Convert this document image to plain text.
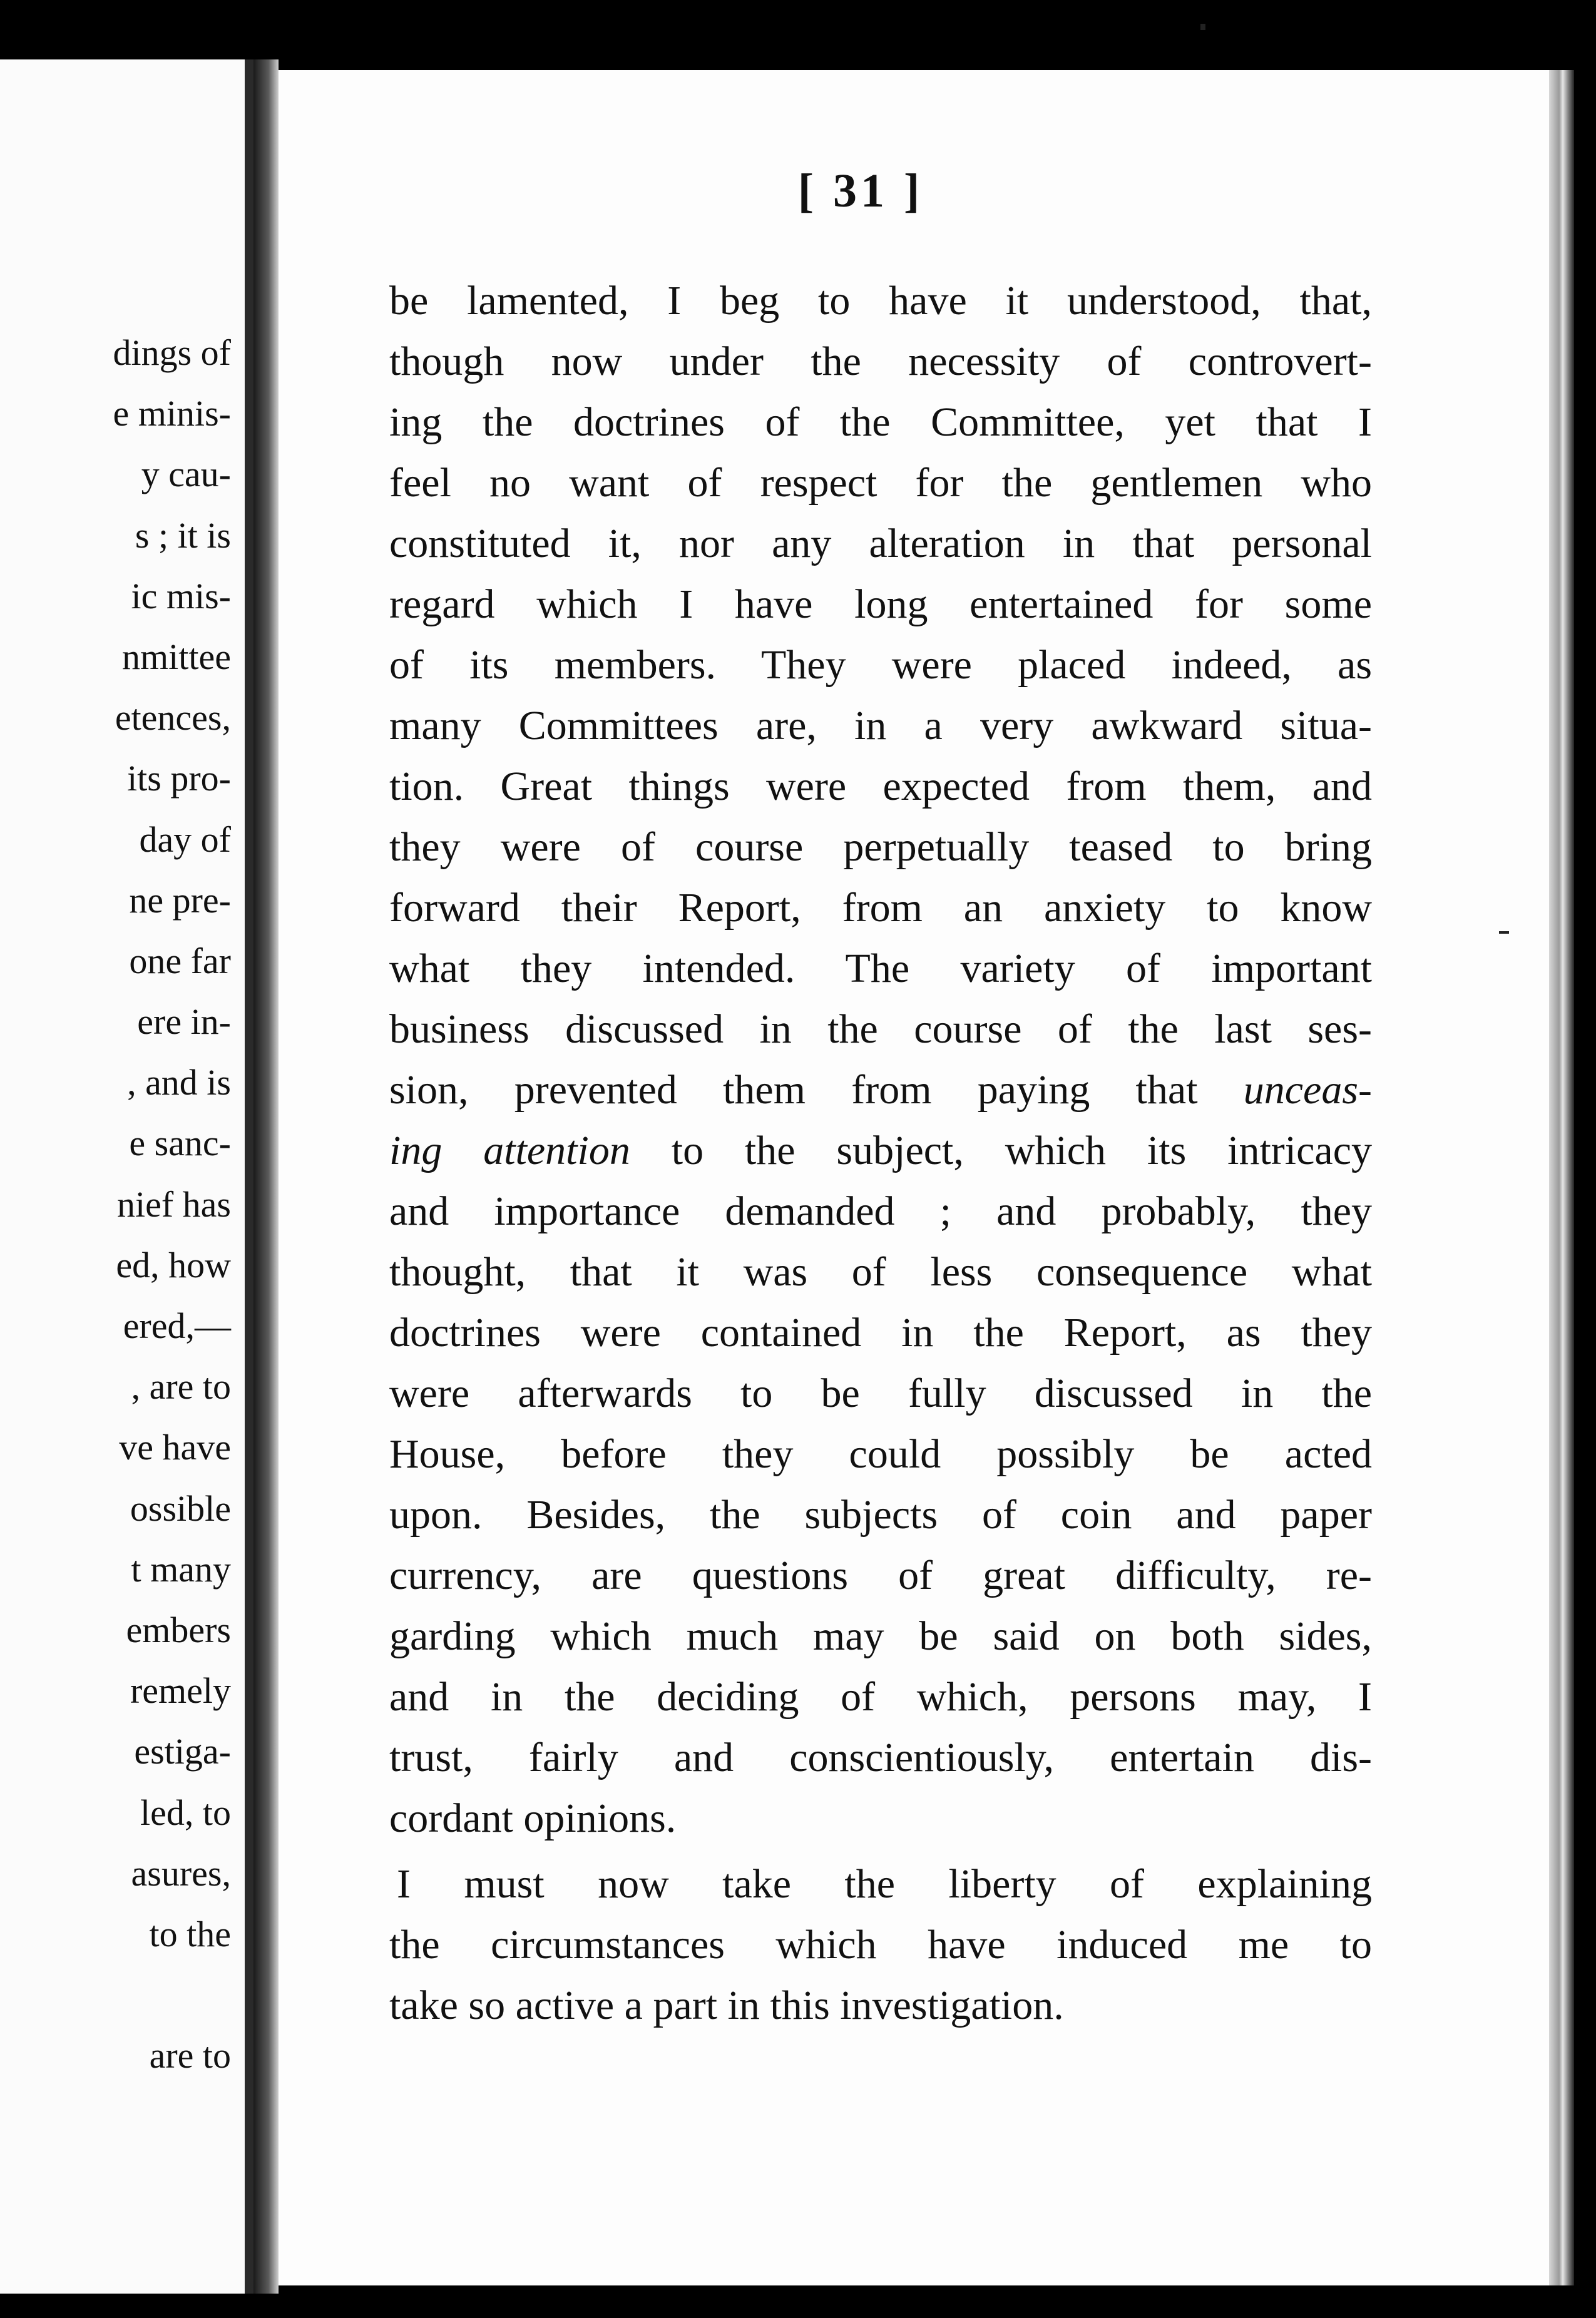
dings of
e minis-
y cau-
s ; it is
ic mis-
nmittee
etences,
its pro-
day of
ne pre-
one far
ere in-
, and is
e sanc-
nief has
ed, how
ered,—
, are to
ve have
ossible
t many
embers
remely
estiga-
led, to
asures,
to the
are to
[ 31 ]
be lamented, I beg to have it understood, that,
though now under the necessity of controvert-
ing the doctrines of the Committee, yet that I
feel no want of respect for the gentlemen who
constituted it, nor any alteration in that personal
regard which I have long entertained for some
of its members. They were placed indeed, as
many Committees are, in a very awkward situa-
tion. Great things were expected from them, and
they were of course perpetually teased to bring
forward their Report, from an anxiety to know
what they intended. The variety of important
business discussed in the course of the last ses-
sion, prevented them from paying that unceas-
ing attention to the subject, which its intricacy
and importance demanded ; and probably, they
thought, that it was of less consequence what
doctrines were contained in the Report, as they
were afterwards to be fully discussed in the
House, before they could possibly be acted
upon. Besides, the subjects of coin and paper
currency, are questions of great difficulty, re-
garding which much may be said on both sides,
and in the deciding of which, persons may, I
trust, fairly and conscientiously, entertain dis-
cordant opinions.
I must now take the liberty of explaining
the circumstances which have induced me to
take so active a part in this investigation.
